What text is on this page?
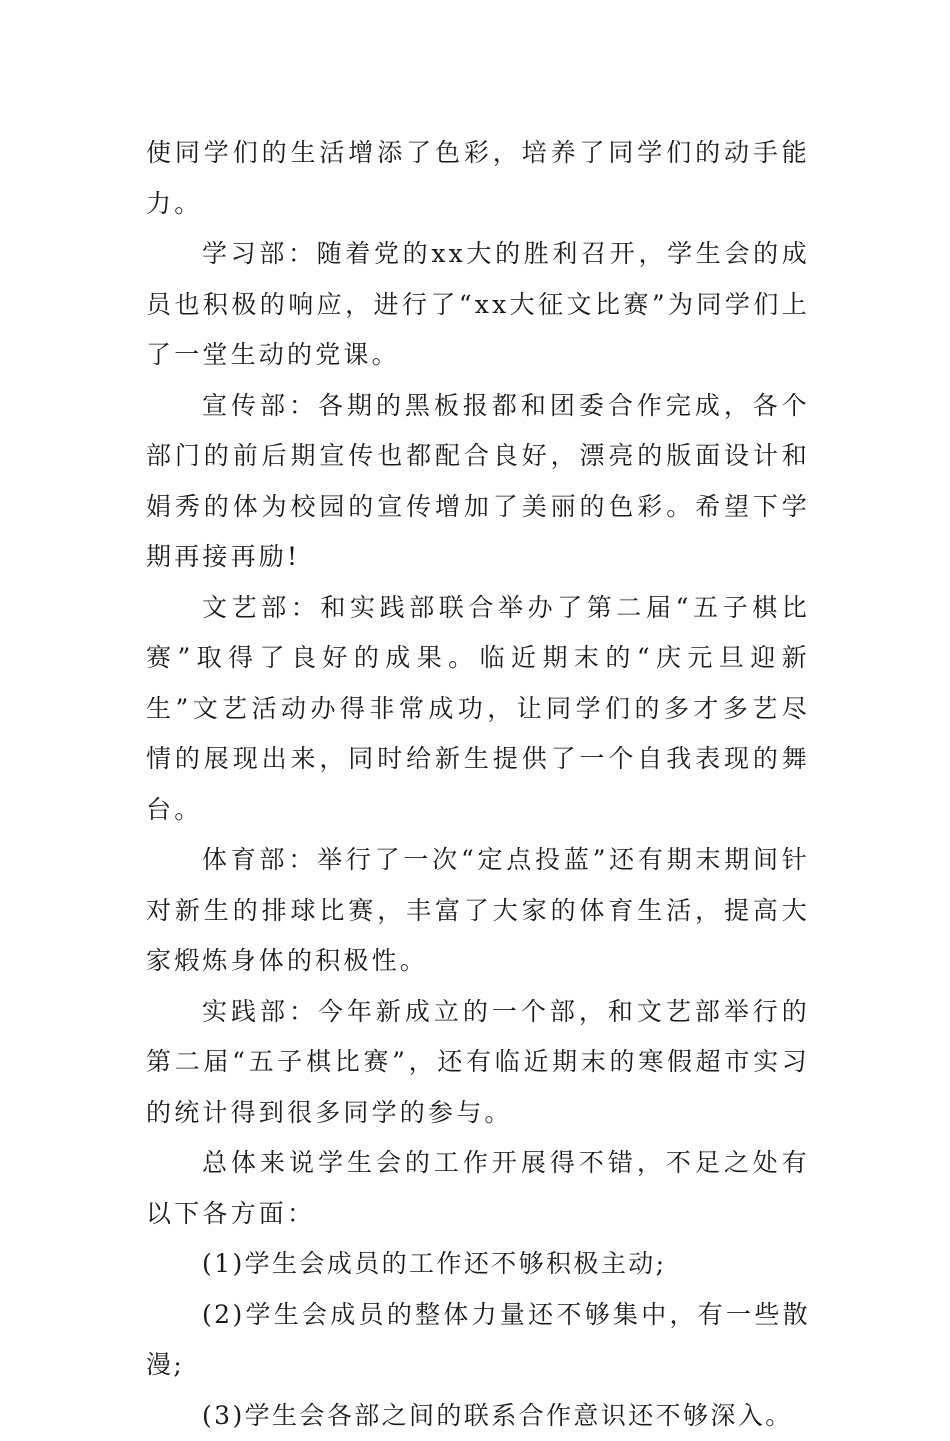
使同学们的生活增添了色彩，培养了同学们的动手能力。

学习部：随着党的xx大的胜利召开，学生会的成员也积极的响应，进行了“xx大征文比赛”为同学们上了一堂生动的党课。

宣传部：各期的黑板报都和团委合作完成，各个部门的前后期宣传也都配合良好，漂亮的版面设计和娟秀的体为校园的宣传增加了美丽的色彩。希望下学期再接再励!

文艺部：和实践部联合举办了第二届“五子棋比赛”取得了良好的成果。临近期末的“庆元旦迎新生”文艺活动办得非常成功，让同学们的多才多艺尽情的展现出来，同时给新生提供了一个自我表现的舞台。

体育部：举行了一次“定点投蓝”还有期末期间针对新生的排球比赛，丰富了大家的体育生活，提高大家煅炼身体的积极性。

实践部：今年新成立的一个部，和文艺部举行的第二届“五子棋比赛”，还有临近期末的寒假超市实习的统计得到很多同学的参与。

总体来说学生会的工作开展得不错，不足之处有以下各方面：

(1)学生会成员的工作还不够积极主动;

(2)学生会成员的整体力量还不够集中，有一些散漫;

(3)学生会各部之间的联系合作意识还不够深入。
